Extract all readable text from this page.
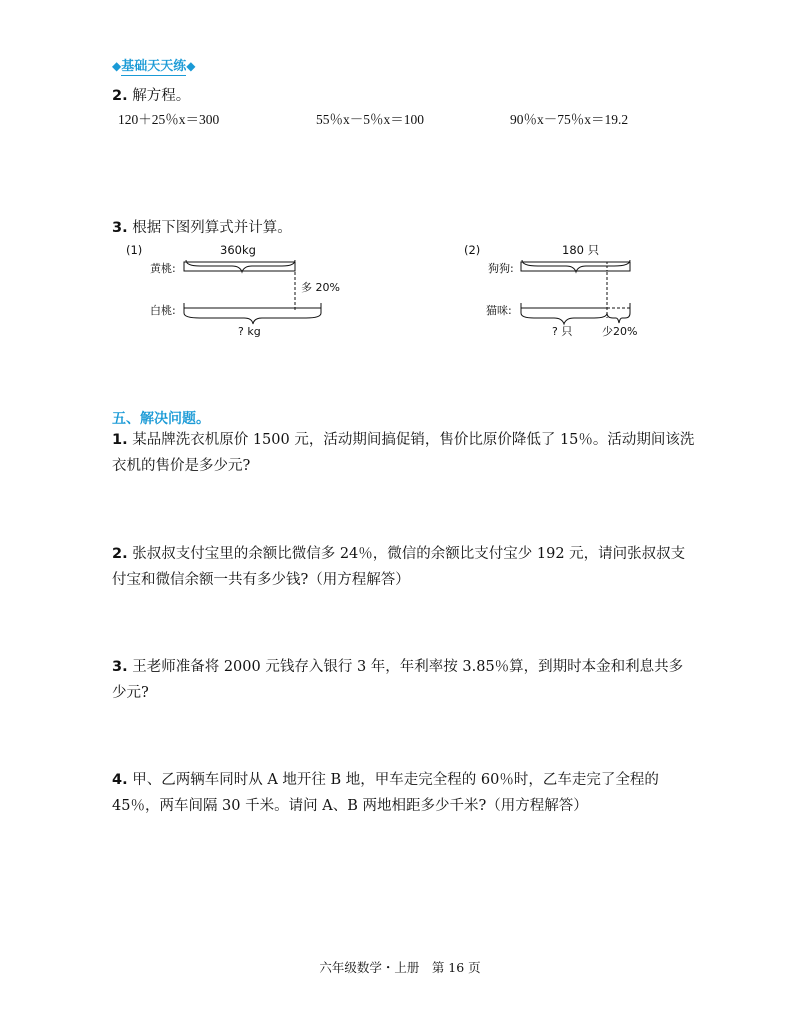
◆基础天天练◆
2. 解方程。
120＋25％x＝300	55％x－5％x＝100	90％x－75％x＝19.2
3. 根据下图列算式并计算。
(1)	360kg
黄桃:
多 20%
白桃:
? kg
(2)	180 只
狗狗:
猫咪:
? 只	少20%
五、解决问题。
1. 某品牌洗衣机原价 1500 元，活动期间搞促销，售价比原价降低了 15％。活动期间该洗衣机的售价是多少元?
2. 张叔叔支付宝里的余额比微信多 24％，微信的余额比支付宝少 192 元，请问张叔叔支付宝和微信余额一共有多少钱?（用方程解答）
3. 王老师准备将 2000 元钱存入银行 3 年，年利率按 3.85％算，到期时本金和利息共多少元?
4. 甲、乙两辆车同时从 A 地开往 B 地，甲车走完全程的 60％时，乙车走完了全程的 45％，两车间隔 30 千米。请问 A、B 两地相距多少千米?（用方程解答）
六年级数学・上册　第 16 页
